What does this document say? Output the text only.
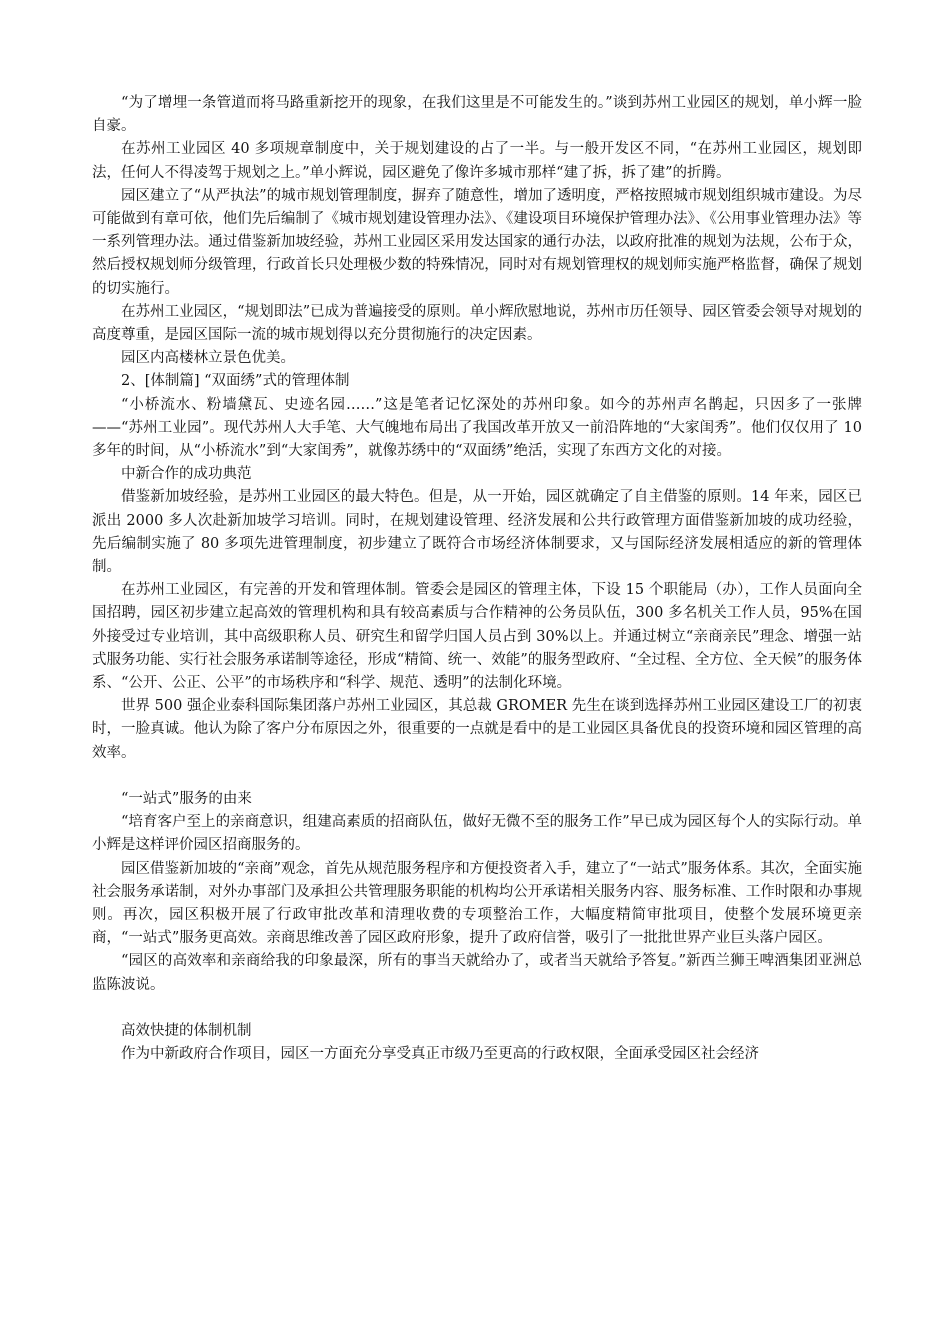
“为了增埋一条管道而将马路重新挖开的现象，在我们这里是不可能发生的。”谈到苏州工业园区的规划，单小辉一脸自豪。

在苏州工业园区 40 多项规章制度中，关于规划建设的占了一半。与一般开发区不同，“在苏州工业园区，规划即法，任何人不得凌驾于规划之上。”单小辉说，园区避免了像许多城市那样“建了拆，拆了建”的折腾。

园区建立了“从严执法”的城市规划管理制度，摒弃了随意性，增加了透明度，严格按照城市规划组织城市建设。为尽可能做到有章可依，他们先后编制了《城市规划建设管理办法》、《建设项目环境保护管理办法》、《公用事业管理办法》等一系列管理办法。通过借鉴新加坡经验，苏州工业园区采用发达国家的通行办法，以政府批准的规划为法规，公布于众，然后授权规划师分级管理，行政首长只处理极少数的特殊情况，同时对有规划管理权的规划师实施严格监督，确保了规划的切实施行。

在苏州工业园区，“规划即法”已成为普遍接受的原则。单小辉欣慰地说，苏州市历任领导、园区管委会领导对规划的高度尊重，是园区国际一流的城市规划得以充分贯彻施行的决定因素。

园区内高楼林立景色优美。

2、[体制篇] “双面绣”式的管理体制

“小桥流水、粉墙黛瓦、史迹名园……”这是笔者记忆深处的苏州印象。如今的苏州声名鹊起，只因多了一张牌——“苏州工业园”。现代苏州人大手笔、大气魄地布局出了我国改革开放又一前沿阵地的“大家闺秀”。他们仅仅用了 10 多年的时间，从“小桥流水”到“大家闺秀”，就像苏绣中的“双面绣”绝活，实现了东西方文化的对接。

中新合作的成功典范

借鉴新加坡经验，是苏州工业园区的最大特色。但是，从一开始，园区就确定了自主借鉴的原则。14 年来，园区已派出 2000 多人次赴新加坡学习培训。同时，在规划建设管理、经济发展和公共行政管理方面借鉴新加坡的成功经验，先后编制实施了 80 多项先进管理制度，初步建立了既符合市场经济体制要求，又与国际经济发展相适应的新的管理体制。

在苏州工业园区，有完善的开发和管理体制。管委会是园区的管理主体，下设 15 个职能局（办），工作人员面向全国招聘，园区初步建立起高效的管理机构和具有较高素质与合作精神的公务员队伍，300 多名机关工作人员，95%在国外接受过专业培训，其中高级职称人员、研究生和留学归国人员占到 30%以上。并通过树立“亲商亲民”理念、增强一站式服务功能、实行社会服务承诺制等途径，形成“精简、统一、效能”的服务型政府、“全过程、全方位、全天候”的服务体系、“公开、公正、公平”的市场秩序和“科学、规范、透明”的法制化环境。

世界 500 强企业泰科国际集团落户苏州工业园区，其总裁 GROMER 先生在谈到选择苏州工业园区建设工厂的初衷时，一脸真诚。他认为除了客户分布原因之外，很重要的一点就是看中的是工业园区具备优良的投资环境和园区管理的高效率。

“一站式”服务的由来

“培育客户至上的亲商意识，组建高素质的招商队伍，做好无微不至的服务工作”早已成为园区每个人的实际行动。单小辉是这样评价园区招商服务的。

园区借鉴新加坡的“亲商”观念，首先从规范服务程序和方便投资者入手，建立了“一站式”服务体系。其次，全面实施社会服务承诺制，对外办事部门及承担公共管理服务职能的机构均公开承诺相关服务内容、服务标准、工作时限和办事规则。再次，园区积极开展了行政审批改革和清理收费的专项整治工作，大幅度精简审批项目，使整个发展环境更亲商，“一站式”服务更高效。亲商思维改善了园区政府形象，提升了政府信誉，吸引了一批批世界产业巨头落户园区。

“园区的高效率和亲商给我的印象最深，所有的事当天就给办了，或者当天就给予答复。”新西兰狮王啤酒集团亚洲总监陈波说。

高效快捷的体制机制

作为中新政府合作项目，园区一方面充分享受真正市级乃至更高的行政权限，全面承受园区社会经济
